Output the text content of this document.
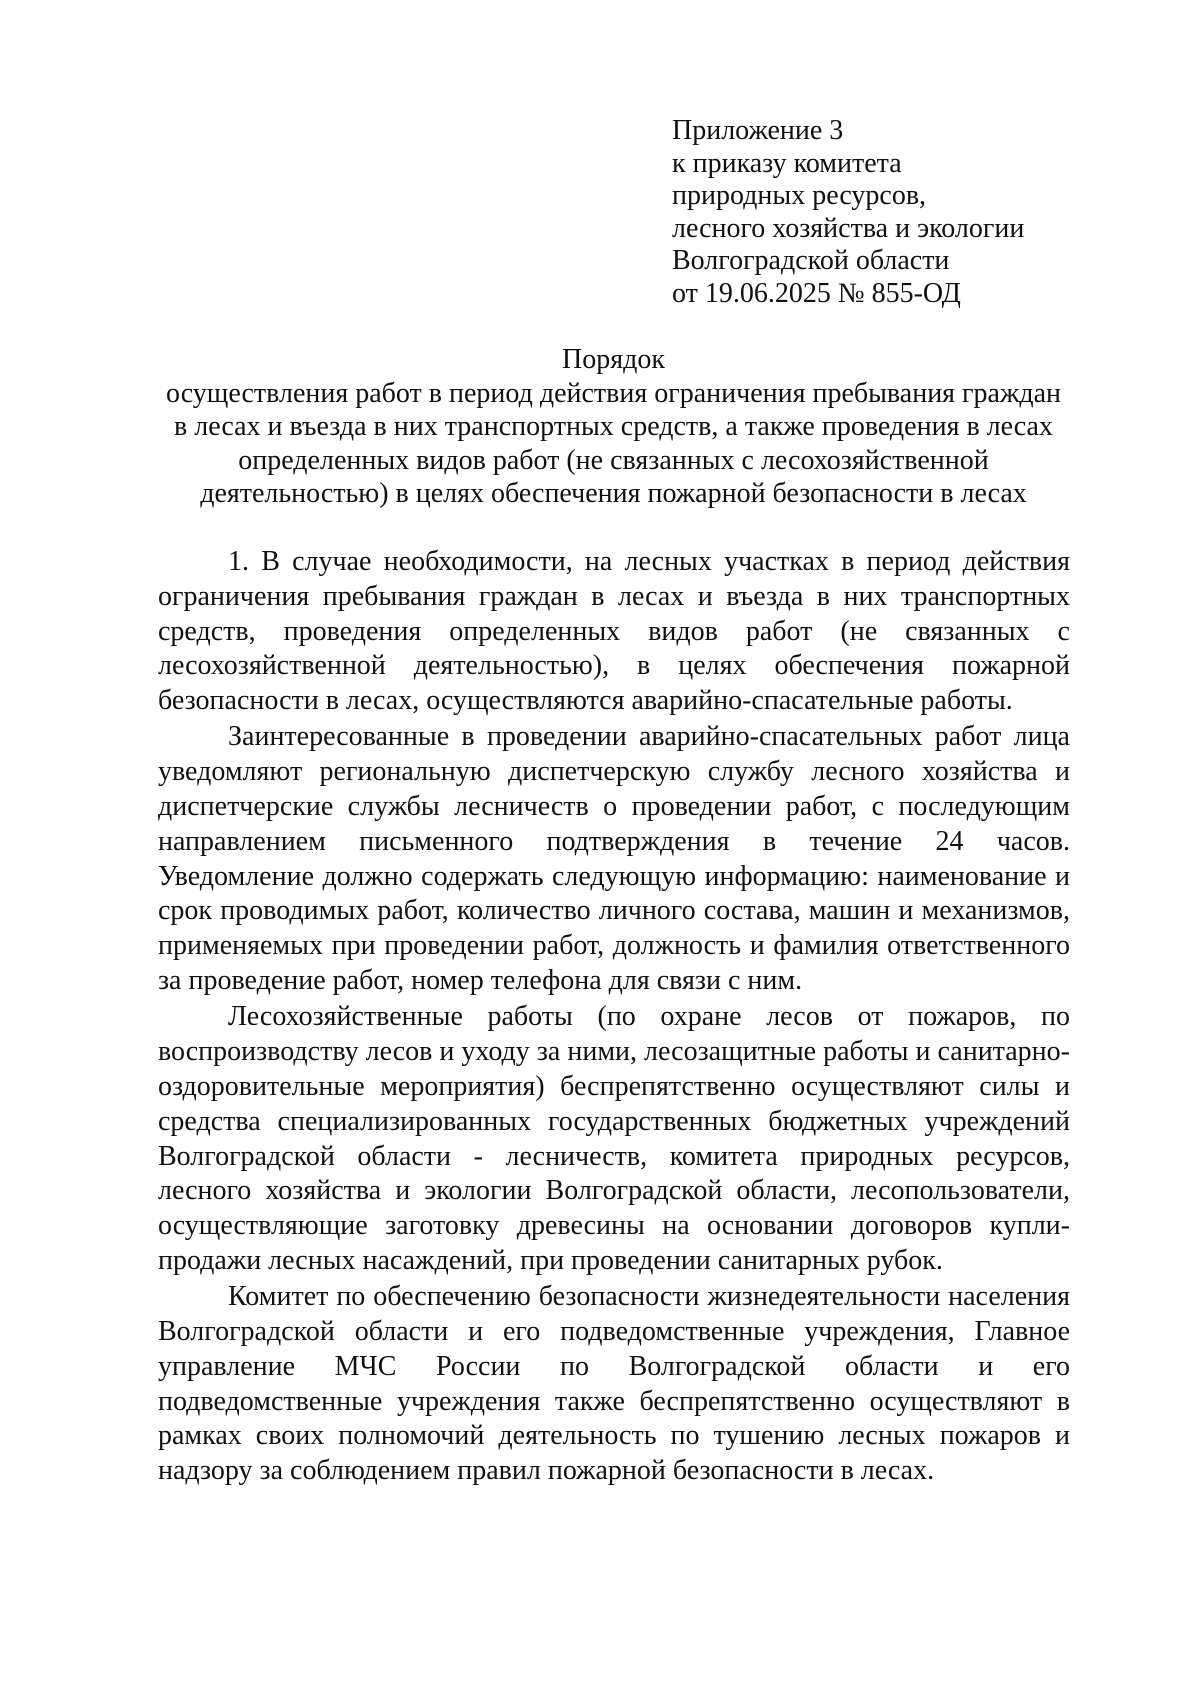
Приложение 3
к приказу комитета
природных ресурсов,
лесного хозяйства и экологии
Волгоградской области
от 19.06.2025 № 855-ОД
Порядок
осуществления работ в период действия ограничения пребывания граждан
в лесах и въезда в них транспортных средств, а также проведения в лесах
определенных видов работ (не связанных с лесохозяйственной
деятельностью) в целях обеспечения пожарной безопасности в лесах

1. В случае необходимости, на лесных участках в период действия ограничения пребывания граждан в лесах и въезда в них транспортных средств, проведения определенных видов работ (не связанных с лесохозяйственной деятельностью), в целях обеспечения пожарной безопасности в лесах, осуществляются аварийно-спасательные работы.

Заинтересованные в проведении аварийно-спасательных работ лица уведомляют региональную диспетчерскую службу лесного хозяйства и диспетчерские службы лесничеств о проведении работ, с последующим направлением письменного подтверждения в течение 24 часов. Уведомление должно содержать следующую информацию: наименование и срок проводимых работ, количество личного состава, машин и механизмов, применяемых при проведении работ, должность и фамилия ответственного за проведение работ, номер телефона для связи с ним.

Лесохозяйственные работы (по охране лесов от пожаров, по воспроизводству лесов и уходу за ними, лесозащитные работы и санитарно-оздоровительные мероприятия) беспрепятственно осуществляют силы и средства специализированных государственных бюджетных учреждений Волгоградской области - лесничеств, комитета природных ресурсов, лесного хозяйства и экологии Волгоградской области, лесопользователи, осуществляющие заготовку древесины на основании договоров купли-продажи лесных насаждений, при проведении санитарных рубок.

Комитет по обеспечению безопасности жизнедеятельности населения Волгоградской области и его подведомственные учреждения, Главное управление МЧС России по Волгоградской области и его подведомственные учреждения также беспрепятственно осуществляют в рамках своих полномочий деятельность по тушению лесных пожаров и надзору за соблюдением правил пожарной безопасности в лесах.
